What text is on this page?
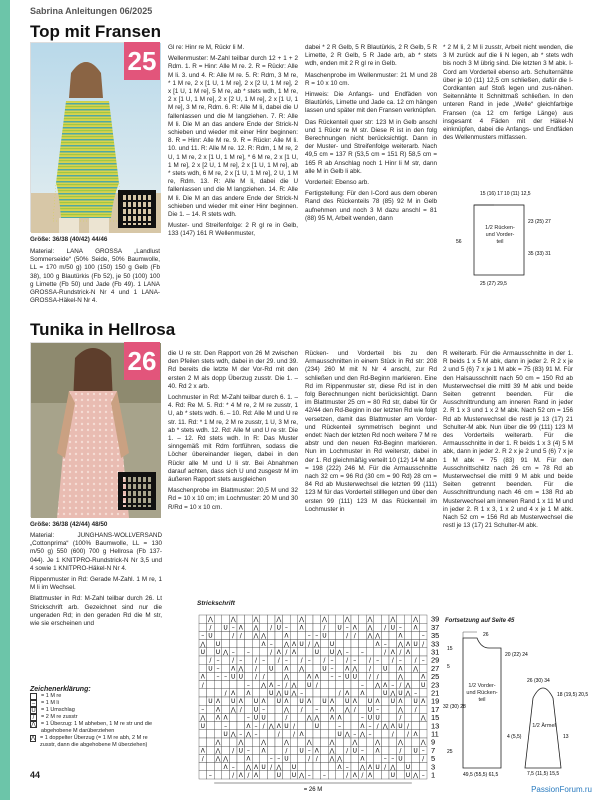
Sabrina Anleitungen 06/2025
Top mit Fransen
25
Größe: 36/38 (40/42) 44/46
Material: LANA GROSSA „Landlust Sommerseide“ (50% Seide, 50% Baumwolle, LL = 170 m/50 g) 100 (150) 150 g Gelb (Fb 38), 100 g Blautürkis (Fb 52), je 50 (100) 100 g Limette (Fb 50) und Jade (Fb 49). 1 LANA GROSSA-Rundstrick-N Nr 4 und 1 LANA-GROSSA-Häkel-N Nr 4.

Gl re: Hinr re M, Rückr li M.

Wellenmuster: M-Zahl teilbar durch 12 + 1 + 2 Rdm. 1. R = Hinr: Alle M re. 2. R = Rückr: Alle M li. 3. und 4. R: Alle M re. 5. R: Rdm, 3 M re, * 1 M re, 2 x [1 U, 1 M re], 2 x [2 U, 1 M re], 2 x [1 U, 1 M re], 5 M re, ab * stets wdh, 1 M re, 2 x [1 U, 1 M re], 2 x [2 U, 1 M re], 2 x [1 U, 1 M re], 3 M re, Rdm. 6. R: Alle M li, dabei die U fallenlassen und die M langziehen. 7. R: Alle M li. Die M an das andere Ende der Strick-N schieben und wieder mit einer Hinr beginnen: 8. R = Hinr: Alle M re. 9. R = Rückr: Alle M li. 10. und 11. R: Alle M re. 12. R: Rdm, 1 M re, 2 U, 1 M re, 2 x [1 U, 1 M re], * 6 M re, 2 x [1 U, 1 M re], 2 x [2 U, 1 M re], 2 x [1 U, 1 M re], ab * stets wdh, 6 M re, 2 x [1 U, 1 M re], 2 U, 1 M re, Rdm. 13. R: Alle M li, dabei die U fallenlassen und die M langziehen. 14. R: Alle M li. Die M an das andere Ende der Strick-N schieben und wieder mit einer Hinr beginnen. Die 1. – 14. R stets wdh.

Muster- und Streifenfolge: 2 R gl re in Gelb, 133 (147) 161 R Wellenmuster,

dabei * 2 R Gelb, 5 R Blautürkis, 2 R Gelb, 5 R Limette, 2 R Gelb, 5 R Jade arb, ab * stets wdh, enden mit 2 R gl re in Gelb.

Maschenprobe im Wellenmuster: 21 M und 28 R = 10 x 10 cm.

Hinweis: Die Anfangs- und Endfäden von Blautürkis, Limette und Jade ca. 12 cm hängen lassen und später mit den Fransen verknüpfen.

Das Rückenteil quer str: 123 M in Gelb anschl und 1 Rückr re M str. Diese R ist in den folg Berechnungen nicht berücksichtigt. Dann in der Muster- und Streifenfolge weiterarb. Nach 49,5 cm = 137 R (53,5 cm = 151 R) 58,5 cm = 165 R ab Anschlag noch 1 Hinr li M str, dann alle M in Gelb li abk.

Vorderteil: Ebenso arb.

Fertigstellung: Für den I-Cord aus dem oberen Rand des Rückenteils 78 (85) 92 M in Gelb aufnehmen und noch 3 M dazu anschl = 81 (88) 95 M, Arbeit wenden, dann

* 2 M li, 2 M li zusstr, Arbeit nicht wenden, die 3 M zurück auf die li N legen, ab * stets wdh bis noch 3 M übrig sind. Die letzten 3 M abk. I-Cord am Vorderteil ebenso arb. Schulternähte über je 10 (11) 12,5 cm schließen, dafür die I-Cordkanten auf Stoß legen und zus-nähen. Seitennähte lt Schnittmaß schließen. In den unteren Rand in jede „Welle“ gleichfarbige Fransen (ca 12 cm fertige Länge) aus insgesamt 4 Fäden mit der Häkel-N einknüpfen, dabei die Anfangs- und Endfäden des Wellenmusters mitfassen.

15 (16) 17 10 (11) 12,5
23 (25) 27
35 (33) 31
56
25 (27) 29,5
1/2 Rücken- und Vorder- teil
Tunika in Hellrosa
26
Größe: 36/38 (42/44) 48/50

Material: JUNGHANS-WOLLVERSAND „Cottonprima“ (100% Baumwolle, LL = 130 m/50 g) 550 (600) 700 g Hellrosa (Fb 137-044). Je 1 KNITPRO-Rundstrick-N Nr 3,5 und 4 sowie 1 KNITPRO-Häkel-N Nr 4.

Rippenmuster in Rd: Gerade M-Zahl. 1 M re, 1 M li im Wechsel.

Blattmuster in Rd: M-Zahl teilbar durch 26. Lt Strickschrift arb. Gezeichnet sind nur die ungeraden Rd; in den geraden Rd die M str, wie sie erscheinen und

Zeichenerklärung:
= 1 M re
–	= 1 M li
U = 1 Umschlag
/	= 2 M re zusstr
⋀ = 1 Überzug: 1 M abheben, 1 M re str und die abgehobene M darüberziehen
Λ = 1 doppelter Überzug (= 1 M re abh, 2 M re zusstr, dann die abgehobene M überziehen)

die U re str. Den Rapport von 26 M zwischen den Pfeilen stets wdh, dabei in der 29. und 39. Rd bereits die letzte M der Vor-Rd mit den ersten 2 M als dopp Überzug zusstr. Die 1. – 40. Rd 2 x arb.

Lochmuster in Rd: M-Zahl teilbar durch 6. 1. – 4. Rd: Re M. 5. Rd: * 4 M re, 2 M re zusstr, 1 U, ab * stets wdh. 6. – 10. Rd: Alle M und U re str. 11. Rd: * 1 M re, 2 M re zusstr, 1 U, 3 M re, ab * stets wdh. 12. Rd: Alle M und U re str. Die 1. – 12. Rd stets wdh. In R: Das Muster sinngemäß mit Rdm fortführen, sodass die Löcher übereinander liegen, dabei in den Rückr alle M und U li str. Bei Abnahmen darauf achten, dass sich U und zusgestr M im äußeren Rapport stets ausgleichen

Maschenprobe im Blattmuster: 20,5 M und 32 Rd = 10 x 10 cm; im Lochmuster: 20 M und 30 R/Rd = 10 x 10 cm.

Rücken- und Vorderteil bis zu den Armausschnitten in einem Stück in Rd str: 208 (234) 260 M mit N Nr 4 anschl, zur Rd schließen und den Rd-Beginn markieren. Eine Rd im Rippenmuster str, diese Rd ist in den folg Berechnungen nicht berücksichtigt. Dann im Blattmuster 25 cm = 80 Rd str, dabei für Gr 42/44 den Rd-Beginn in der letzten Rd wie folgt versetzen, damit das Blattmuster am Vorder- und Rückenteil symmetrisch beginnt und endet: Nach der letzten Rd noch weitere 7 M re abstr und den neuen Rd-Beginn markieren. Nun im Lochmuster in Rd weiterstr, dabei in der 1. Rd gleichmäßig verteilt 10 (12) 14 M abn = 198 (222) 246 M. Für die Armausschnitte nach 32 cm = 96 Rd (30 cm = 90 Rd) 28 cm = 84 Rd ab Musterwechsel die letzten 99 (111) 123 M für das Vorderteil stilllegen und über den ersten 99 (111) 123 M das Rückenteil im Lochmuster in

R weiterarb. Für die Armausschnitte in der 1. R beids 1 x 5 M abk, dann in jeder 2. R 2 x je 2 und 5 (6) 7 x je 1 M abk = 75 (83) 91 M. Für den Halsausschnitt nach 50 cm = 150 Rd ab Musterwechsel die mittl 39 M abk und beide Seiten getrennt beenden. Für die Ausschnittrundung am inneren Rand in jeder 2. R 1 x 3 und 1 x 2 M abk. Nach 52 cm = 156 Rd ab Musterwechsel die restl je 13 (17) 21 Schulter-M abk. Nun über die 99 (111) 123 M des Vorderteils weiterarb. Für die Armausschnitte in der 1. R beids 1 x 3 (4) 5 M abk, dann in jeder 2. R 2 x je 2 und 5 (6) 7 x je 1 M abk = 75 (83) 91 M. Für den Ausschnittschlitz nach 26 cm = 78 Rd ab Musterwechsel die mittl 9 M abk und beide Seiten getrennt beenden. Für die Ausschnittrundung nach 46 cm = 138 Rd ab Musterwechsel am inneren Rand 1 x 11 M und in jeder 2. R 1 x 3, 1 x 2 und 4 x je 1 M abk. Nach 52 cm = 156 Rd ab Musterwechsel die restl je 13 (17) 21 Schulter-M abk.

Strickschrift
⋀	⋀	⋀	⋀	⋀	⋀	⋀	⋀	⋀	⋀ 39
/ U – Λ ⋀ / U – Λ	/ U – Λ ⋀ / U – Λ 37
– U	/ / ⋀ ⋀	Λ	– – U	/ / ⋀ ⋀	Λ	– 35
⋀ U	Λ – ⋀ Λ U / ⋀ U	Λ – ⋀ Λ U / 33
U U ⋀ – –	/ Λ / Λ	U U ⋀ – –	/ Λ / Λ	31
/ – / – / – / – / – / – / – / – / – / – 29
U – Λ ⋀ / U Λ ⋀	U – Λ ⋀ / U Λ ⋀ 27
Λ – – U U / /	⋀	Λ Λ – – U U / /	⋀	Λ 25
/	– ⋀ Λ – / ⋀ U /	– ⋀ Λ – / ⋀ U 23
/ Λ Λ	U ⋀ U ⋀ –	/ Λ Λ	U ⋀ U ⋀ – 21
U Λ U Λ U Λ U Λ U Λ U Λ U Λ U Λ U Λ U Λ 19
– Λ ⋀ / U –	⋀ / – Λ ⋀ / U –	⋀ / 17
⋀ Λ Λ	– U U	/	⋀ ⋀ Λ Λ	– U U	/	⋀ 15
U	–	Λ – / ⋀ Λ U /	U	–	Λ – / ⋀ Λ U /	13
U ⋀ – ⋀ –	/ / Λ	U ⋀ – ⋀ –	/ / Λ 11
⋀	⋀	⋀	⋀	⋀	⋀	⋀	⋀	⋀	⋀ 9
Λ ⋀ / U – Λ	/ U – Λ ⋀ / U – Λ	/ U – 7
/ ⋀ ⋀	Λ	– – U	/ / ⋀ ⋀	Λ	– – U	/ 5
Λ – ⋀ Λ U / ⋀ U	Λ – ⋀ Λ U / ⋀ U	3
–	/ Λ / Λ	U U ⋀ – –	/ Λ / Λ	U U ⋀ – 1
= 26 M
Fortsetzung auf Seite 45
1/2 Vorder- und Rücken- teil
26
20 (22) 24
15
5
32 (30) 28
25
49,5 (55,5) 61,5
1/2 Ärmel
18 (19,5) 20,5
13
4 (5,5)
7,5 (11,5) 15,5
26 (30) 34
44
PassionForum.ru
